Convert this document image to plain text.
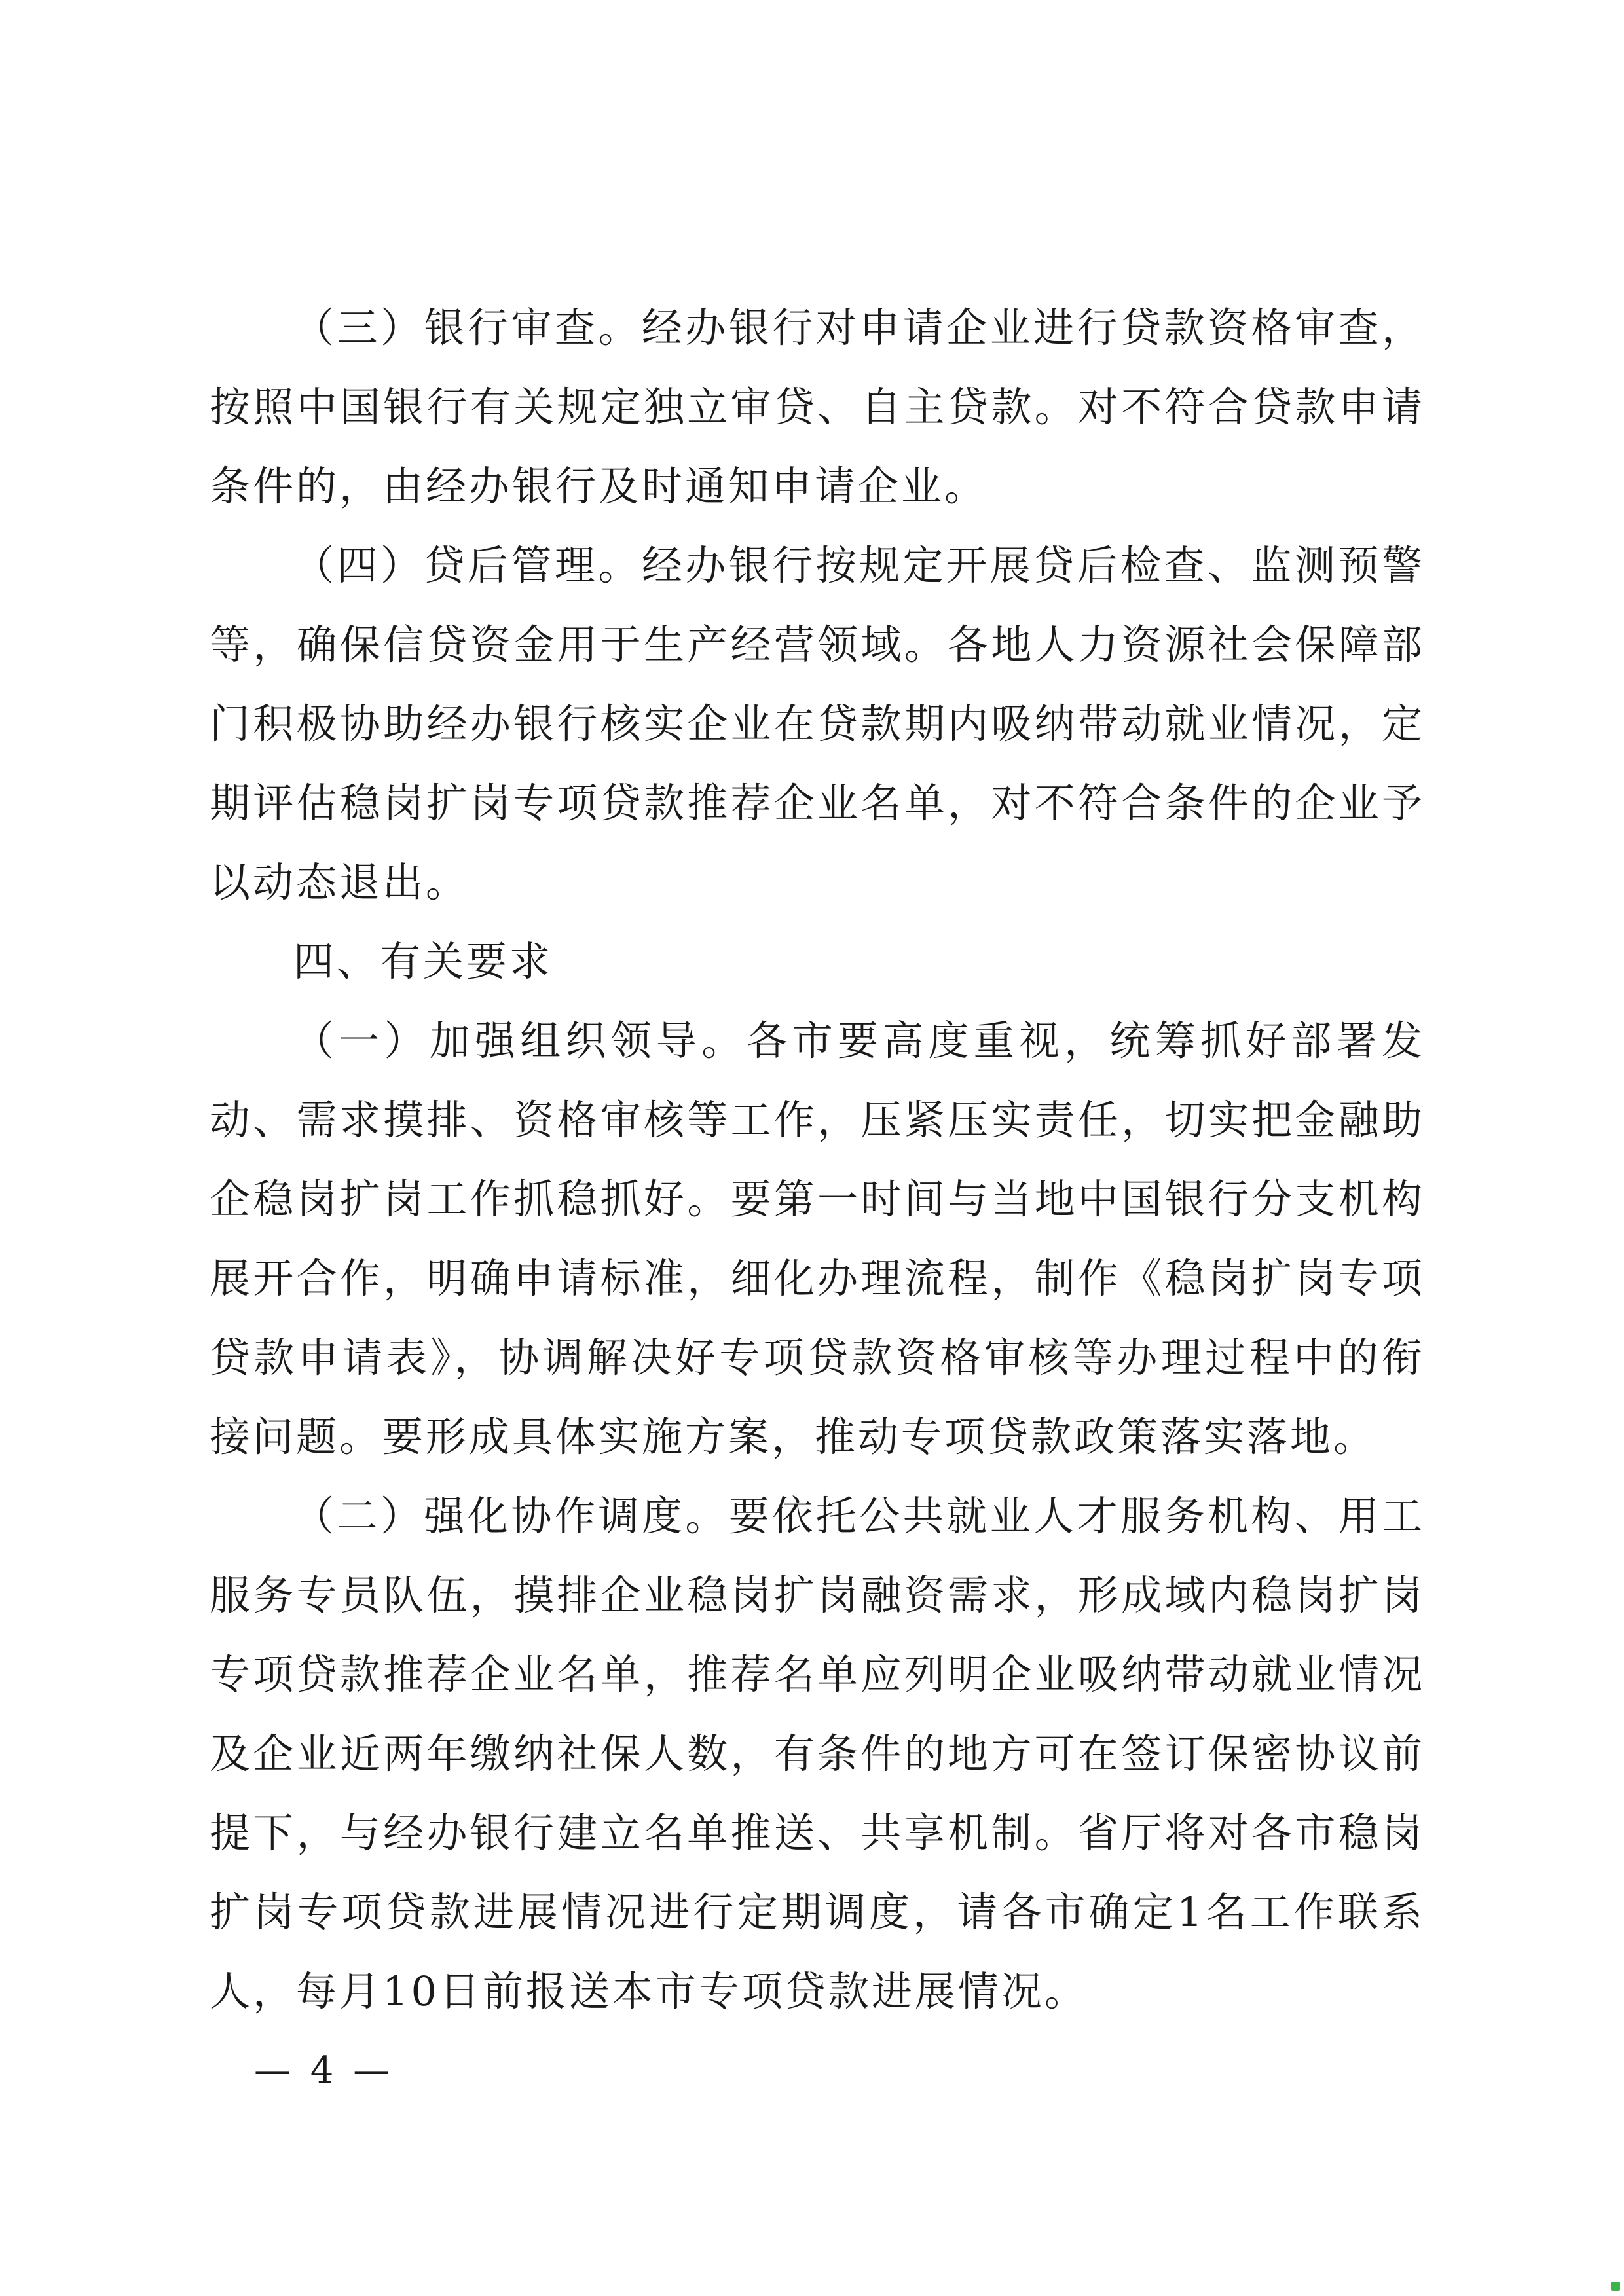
（三）银行审查。经办银行对申请企业进行贷款资格审查，按照中国银行有关规定独立审贷、自主贷款。对不符合贷款申请条件的，由经办银行及时通知申请企业。

（四）贷后管理。经办银行按规定开展贷后检查、监测预警等，确保信贷资金用于生产经营领域。各地人力资源社会保障部门积极协助经办银行核实企业在贷款期内吸纳带动就业情况，定期评估稳岗扩岗专项贷款推荐企业名单，对不符合条件的企业予以动态退出。

四、有关要求

（一）加强组织领导。各市要高度重视，统筹抓好部署发动、需求摸排、资格审核等工作，压紧压实责任，切实把金融助企稳岗扩岗工作抓稳抓好。要第一时间与当地中国银行分支机构展开合作，明确申请标准，细化办理流程，制作《稳岗扩岗专项贷款申请表》，协调解决好专项贷款资格审核等办理过程中的衔接问题。要形成具体实施方案，推动专项贷款政策落实落地。

（二）强化协作调度。要依托公共就业人才服务机构、用工服务专员队伍，摸排企业稳岗扩岗融资需求，形成域内稳岗扩岗专项贷款推荐企业名单，推荐名单应列明企业吸纳带动就业情况及企业近两年缴纳社保人数，有条件的地方可在签订保密协议前提下，与经办银行建立名单推送、共享机制。省厅将对各市稳岗扩岗专项贷款进展情况进行定期调度，请各市确定1名工作联系人，每月10日前报送本市专项贷款进展情况。

— 4 —
